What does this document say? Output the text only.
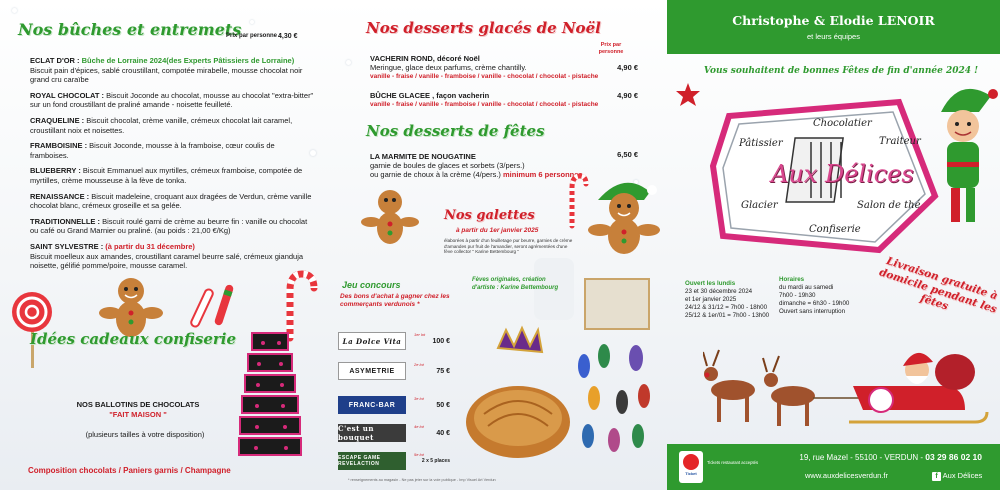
Nos bûches et entremets
Prix par personne :
4,30 €
ECLAT D'OR : Bûche de Lorraine 2024(des Experts Pâtissiers de Lorraine)
Biscuit pain d'épices, sablé croustillant, compotée mirabelle, mousse chocolat noir grand cru caraïbe
ROYAL CHOCOLAT : Biscuit Joconde au chocolat, mousse au chocolat "extra-bitter" sur un fond croustillant de praliné amande - noisette feuilleté.
CRAQUELINE : Biscuit chocolat, crème vanille, crémeux chocolat lait caramel, croustillant noix et noisettes.
FRAMBOISINE : Biscuit Joconde, mousse à la framboise, cœur coulis de framboises.
BLUEBERRY : Biscuit Emmanuel aux myrtilles, crémeux framboise, compotée de myrtilles, crème mousseuse à la fève de tonka.
RENAISSANCE : Biscuit madeleine, croquant aux dragées de Verdun, crème vanille chocolat blanc, crémeux groseille et sa gelée.
TRADITIONNELLE : Biscuit roulé garni de crème au beurre fin : vanille ou chocolat ou café ou Grand Marnier ou praliné. (au poids : 21,00 €/Kg)
SAINT SYLVESTRE : (à partir du 31 décembre)
Biscuit moelleux aux amandes, croustillant caramel beurre salé, crémeux gianduja noisette, gélifié pomme/poire, mousse caramel.
Idées cadeaux confiserie
NOS BALLOTINS DE CHOCOLATS
"FAIT MAISON "
(plusieurs tailles à votre disposition)
Composition chocolats / Paniers garnis / Champagne
Nos desserts glacés de Noël
Prix par personne
VACHERIN ROND, décoré Noël
Meringue, glace deux parfums, crème chantilly.
vanille - fraise / vanille - framboise / vanille - chocolat / chocolat - pistache
4,90 €
BÛCHE GLACEE , façon vacherin
vanille - fraise / vanille - framboise / vanille - chocolat / chocolat - pistache
4,90 €
Nos desserts de fêtes
LA MARMITE DE NOUGATINE
garnie de boules de glaces et sorbets (3/pers.)
ou garnie de choux à la crème (4/pers.) minimum 6 personnes
6,50 €
Nos galettes
à partir du 1er janvier 2025
élaborées à partir d'un feuilletage pur beurre, garnies de crème d'amandes pur fruit de l'amandier, seront agrémentées d'une fève collector " Karine Bettembourg "
Jeu concours
Des bons d'achat à gagner chez les commerçants verdunois *
Fèves originales, création d'artiste : Karine Bettembourg
La Dolce Vita
1er lot
100 €
ASYMETRIE
2e lot
75 €
FRANC-BAR
3e lot
50 €
C'est un bouquet
4e lot
40 €
ESCAPE GAME REVELACTION
5e lot
2 x 5 places
* renseignements au magasin - Ne pas jeter sur la voie publique - Imp Visuel Art Verdun
Christophe & Elodie LENOIR
et leurs équipes
Vous souhaitent de bonnes Fêtes de fin d'année 2024 !
Chocolatier
Pâtissier	Traiteur
Aux Délices
Glacier	Salon de thé
Confiserie
Ouvert les lundis
23 et 30 décembre 2024
et 1er janvier 2025
24/12 & 31/12 = 7h00 - 18h00
25/12 & 1er/01 = 7h00 - 13h00
Horaires
du mardi au samedi
7h00 - 19h30
dimanche = 6h30 - 19h00
Ouvert sans interruption
Livraison gratuite à domicile pendant les fêtes
Ticket
Tickets restaurant acceptés
19, rue Mazel - 55100 - VERDUN - 03 29 86 02 10
www.auxdelicesverdun.fr	f Aux Délices
